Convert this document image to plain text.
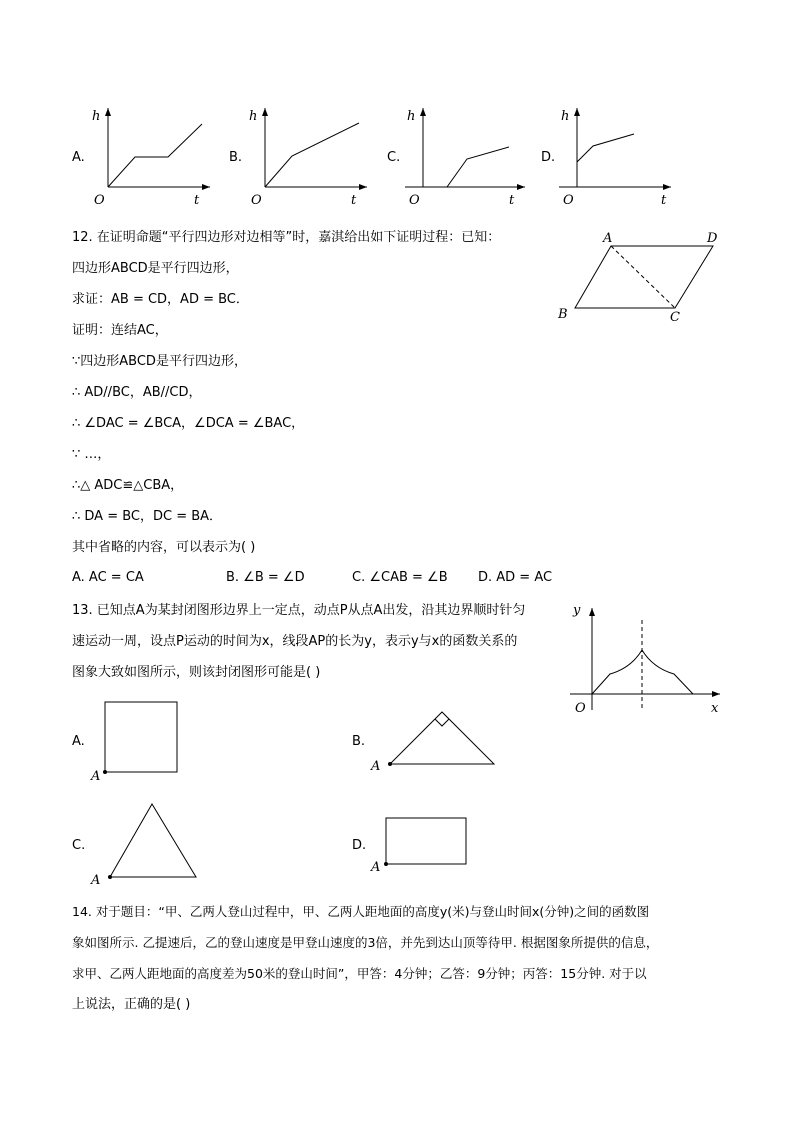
A.
h
t
O
B.
h
t
O
C.
h
t
O
D.
h
t
O
12. 在证明命题“平行四边形对边相等”时，嘉淇给出如下证明过程：已知：
四边形ABCD是平行四边形，
求证：AB = CD，AD = BC．
证明：连结AC，
∵四边形ABCD是平行四边形，
∴ AD//BC，AB//CD，
∴ ∠DAC = ∠BCA，∠DCA = ∠BAC，
∵ …，
∴△ ADC≌△CBA，
∴ DA = BC，DC = BA．
其中省略的内容，可以表示为( )
A. AC = CA	B. ∠B = ∠D	C. ∠CAB = ∠B D. AD = AC
A	D
B	C
13. 已知点A为某封闭图形边界上一定点，动点P从点A出发，沿其边界顺时针匀
速运动一周，设点P运动的时间为x，线段AP的长为y，表示y与x的函数关系的
图象大致如图所示，则该封闭图形可能是( )
y
x
O
A.
A
B.
A
C.
A
D.
A
14. 对于题目：“甲、乙两人登山过程中，甲、乙两人距地面的高度y(米)与登山时间x(分钟)之间的函数图
象如图所示. 乙提速后，乙的登山速度是甲登山速度的3倍，并先到达山顶等待甲. 根据图象所提供的信息，
求甲、乙两人距地面的高度差为50米的登山时间”，甲答：4分钟；乙答：9分钟；丙答：15分钟. 对于以
上说法，正确的是( )
